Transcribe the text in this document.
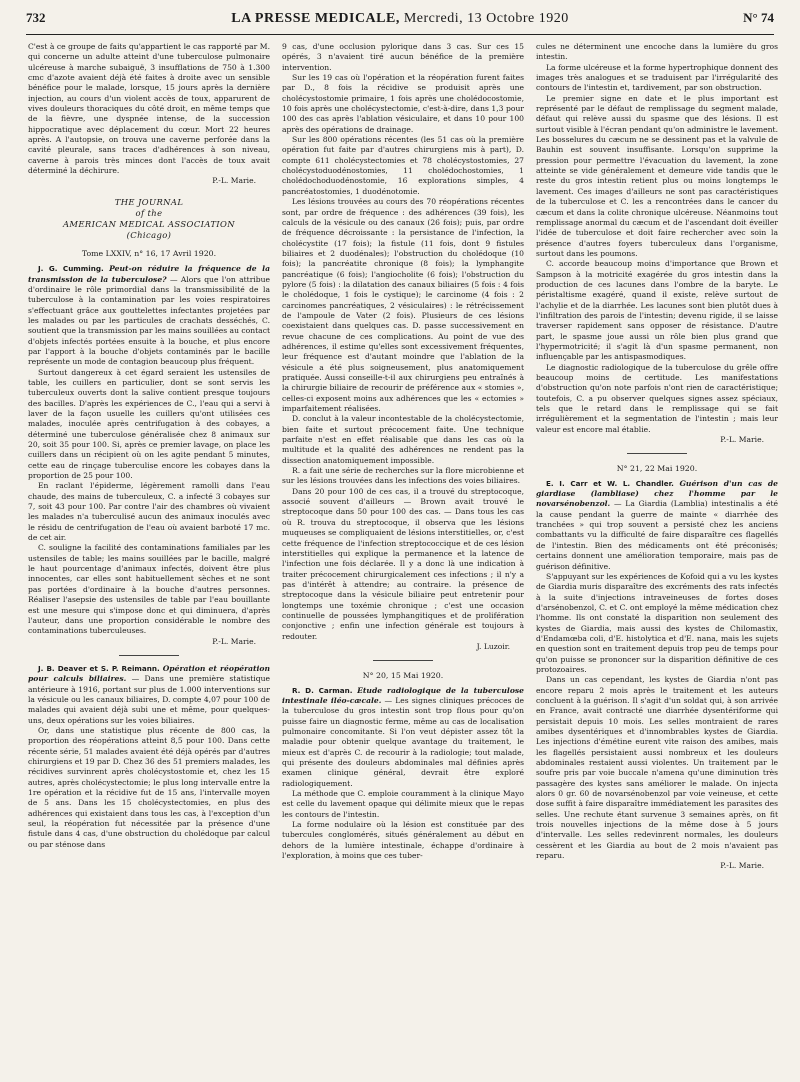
732	LA PRESSE MEDICALE, Mercredi, 13 Octobre 1920	N° 74

C'est à ce groupe de faits qu'appartient le cas rapporté par M. qui concerne un adulte atteint d'une tuberculose pulmonaire ulcéreuse à marche subaiguë, 3 insufflations de 750 à 1.300 cmc d'azote avaient déjà été faites à droite avec un sensible bénéfice pour le malade, lorsque, 15 jours après la dernière injection, au cours d'un violent accès de toux, apparurent de vives douleurs thoraciques du côté droit, en même temps que de la fièvre, une dyspnée intense, de la succession hippocratique avec déplacement du cœur. Mort 22 heures après. A l'autopsie, on trouva une caverne perforée dans la cavité pleurale, sans traces d'adhérences à son niveau, caverne à parois très minces dont l'accès de toux avait déterminé la déchirure.

P.-L. Marie.

THE JOURNAL
of the
AMERICAN MEDICAL ASSOCIATION
(Chicago)
Tome LXXIV, n° 16, 17 Avril 1920.

J. G. Cumming. Peut-on réduire la fréquence de la transmission de la tuberculose? — Alors que l'on attribue d'ordinaire le rôle primordial dans la transmissibilité de la tuberculose à la contamination par les voies respiratoires s'effectuant grâce aux gouttelettes infectantes projetées par les malades ou par les particules de crachats desséchés, C. soutient que la transmission par les mains souillées au contact d'objets infectés portées ensuite à la bouche, et plus encore par l'apport à la bouche d'objets contaminés par le bacille représente un mode de contagion beaucoup plus fréquent.

Surtout dangereux à cet égard seraient les ustensiles de table, les cuillers en particulier, dont se sont servis les tuberculeux ouverts dont la salive contient presque toujours des bacilles. D'après les expériences de C., l'eau qui a servi à laver de la façon usuelle les cuillers qu'ont utilisées ces malades, inoculée après centrifugation à des cobayes, a déterminé une tuberculose généralisée chez 8 animaux sur 20, soit 35 pour 100. Si, après ce premier lavage, on place les cuillers dans un récipient où on les agite pendant 5 minutes, cette eau de rinçage tuberculise encore les cobayes dans la proportion de 25 pour 100.

En raclant l'épiderme, légèrement ramolli dans l'eau chaude, des mains de tuberculeux, C. a infecté 3 cobayes sur 7, soit 43 pour 100. Par contre l'air des chambres où vivaient les malades n'a tuberculisé aucun des animaux inoculés avec le résidu de centrifugation de l'eau où avaient barboté 17 mc. de cet air.

C. souligne la facilité des contaminations familiales par les ustensiles de table; les mains souillées par le bacille, malgré le haut pourcentage d'animaux infectés, doivent être plus innocentes, car elles sont habituellement sèches et ne sont pas portées d'ordinaire à la bouche d'autres personnes. Réaliser l'asepsie des ustensiles de table par l'eau bouillante est une mesure qui s'impose donc et qui diminuera, d'après l'auteur, dans une proportion considérable le nombre des contaminations tuberculeuses.

P.-L. Marie.

J. B. Deaver et S. P. Reimann. Opération et réopération pour calculs biliaires. — Dans une première statistique antérieure à 1916, portant sur plus de 1.000 interventions sur la vésicule ou les canaux biliaires, D. compte 4,07 pour 100 de malades qui avaient déjà subi une et même, pour quelques-uns, deux opérations sur les voies biliaires.

Or, dans une statistique plus récente de 800 cas, la proportion des réopérations atteint 8,5 pour 100. Dans cette récente série, 51 malades avaient été déjà opérés par d'autres chirurgiens et 19 par D. Chez 36 des 51 premiers malades, les récidives survinrent après cholécystostomie et, chez les 15 autres, après cholécystectomie; le plus long intervalle entre la 1re opération et la récidive fut de 15 ans, l'intervalle moyen de 5 ans. Dans les 15 cholécystectomies, en plus des adhérences qui existaient dans tous les cas, à l'exception d'un seul, la réopération fut nécessitée par la présence d'une fistule dans 4 cas, d'une obstruction du cholédoque par calcul ou par sténose dans

9 cas, d'une occlusion pylorique dans 3 cas. Sur ces 15 opérés, 3 n'avaient tiré aucun bénéfice de la première intervention.

Sur les 19 cas où l'opération et la réopération furent faites par D., 8 fois la récidive se produisit après une cholécystostomie primaire, 1 fois après une cholédocostomie, 10 fois après une cholécystectomie, c'est-à-dire, dans 1,3 pour 100 des cas après l'ablation vésiculaire, et dans 10 pour 100 après des opérations de drainage.

Sur les 800 opérations récentes (les 51 cas où la première opération fut faite par d'autres chirurgiens mis à part), D. compte 611 cholécystectomies et 78 cholécystostomies, 27 cholécystoduodénostomies, 11 cholédochostomies, 1 cholédochoduodénostomie, 16 explorations simples, 4 pancréatostomies, 1 duodénotomie.

Les lésions trouvées au cours des 70 réopérations récentes sont, par ordre de fréquence : des adhérences (39 fois), les calculs de la vésicule ou des canaux (26 fois); puis, par ordre de fréquence décroissante : la persistance de l'infection, la cholécystite (17 fois); la fistule (11 fois, dont 9 fistules biliaires et 2 duodénales); l'obstruction du cholédoque (10 fois); la pancréatite chronique (8 fois); la lymphangite pancréatique (6 fois); l'angiocholite (6 fois); l'obstruction du pylore (5 fois) : la dilatation des canaux biliaires (5 fois : 4 fois le cholédoque, 1 fois le cystique); le carcinome (4 fois : 2 carcinomes pancréatiques, 2 vésiculaires) : le rétrécissement de l'ampoule de Vater (2 fois). Plusieurs de ces lésions coexistaient dans quelques cas. D. passe successivement en revue chacune de ces complications. Au point de vue des adhérences, il estime qu'elles sont excessivement fréquentes, leur fréquence est d'autant moindre que l'ablation de la vésicule a été plus soigneusement, plus anatomiquement pratiquée. Aussi conseille-t-il aux chirurgiens peu entraînés à la chirurgie biliaire de recourir de préférence aux « stomies », celles-ci exposent moins aux adhérences que les « ectomies » imparfaitement réalisées.

D. conclut à la valeur incontestable de la cholécystectomie, bien faite et surtout précocement faite. Une technique parfaite n'est en effet réalisable que dans les cas où la multitude et la qualité des adhérences ne rendent pas la dissection anatomiquement impossible.

R. a fait une série de recherches sur la flore microbienne et sur les lésions trouvées dans les infections des voies biliaires.

Dans 20 pour 100 de ces cas, il a trouvé du streptocoque, associé souvent d'ailleurs — Brown avait trouvé le streptocoque dans 50 pour 100 des cas. — Dans tous les cas où R. trouva du streptocoque, il observa que les lésions muqueuses se compliquaient de lésions interstitielles, or, c'est cette fréquence de l'infection streptococcique et de ces lésion interstitielles qui explique la permanence et la latence de l'infection une fois déclarée. Il y a donc là une indication à traiter précocement chirurgicalement ces infections ; il n'y a pas d'intérêt à attendre; au contraire. la présence de streptocoque dans la vésicule biliaire peut entretenir pour longtemps une toxémie chronique ; c'est une occasion continuelle de poussées lymphangitiques et de prolifération conjonctive ; enfin une infection générale est toujours à redouter.

J. Luzoir.

N° 20, 15 Mai 1920.

R. D. Carman. Etude radiologique de la tuberculose intestinale iléo-cæcale. — Les signes cliniques précoces de la tuberculose du gros intestin sont trop flous pour qu'on puisse faire un diagnostic ferme, même au cas de localisation pulmonaire concomitante. Si l'on veut dépister assez tôt la maladie pour obtenir quelque avantage du traitement, le mieux est d'après C. de recourir à la radiologie; tout malade, qui présente des douleurs abdominales mal définies après examen clinique général, devrait être exploré radiologiquement.

La méthode que C. emploie couramment à la clinique Mayo est celle du lavement opaque qui délimite mieux que le repas les contours de l'intestin.

La forme nodulaire où la lésion est constituée par des tubercules conglomérés, situés généralement au début en dehors de la lumière intestinale, échappe d'ordinaire à l'exploration, à moins que ces tuber-

cules ne déterminent une encoche dans la lumière du gros intestin.

La forme ulcéreuse et la forme hypertrophique donnent des images très analogues et se traduisent par l'irrégularité des contours de l'intestin et, tardivement, par son obstruction.

Le premier signe en date et le plus important est représenté par le défaut de remplissage du segment malade, défaut qui relève aussi du spasme que des lésions. Il est surtout visible à l'écran pendant qu'on administre le lavement. Les bosselures du cæcum ne se dessinent pas et la valvule de Bauhin est souvent insuffisante. Lorsqu'on supprime la pression pour permettre l'évacuation du lavement, la zone atteinte se vide généralement et demeure vide tandis que le reste du gros intestin retient plus ou moins longtemps le lavement. Ces images d'ailleurs ne sont pas caractéristiques de la tuberculose et C. les a rencontrées dans le cancer du cæcum et dans la colite chronique ulcéreuse. Néanmoins tout remplissage anormal du cæcum et de l'ascendant doit éveiller l'idée de tuberculose et doit faire rechercher avec soin la présence d'autres foyers tuberculeux dans l'organisme, surtout dans les poumons.

C. accorde beaucoup moins d'importance que Brown et Sampson à la motricité exagérée du gros intestin dans la production de ces lacunes dans l'ombre de la baryte. Le péristaltisme exagéré, quand il existe, relève surtout de l'achylie et de la diarrhée. Les lacunes sont bien plutôt dues à l'infiltration des parois de l'intestin; devenu rigide, il se laisse traverser rapidement sans opposer de résistance. D'autre part, le spasme joue aussi un rôle bien plus grand que l'hypermotricité; il s'agit là d'un spasme permanent, non influençable par les antispasmodiques.

Le diagnostic radiologique de la tuberculose du grêle offre beaucoup moins de certitude. Les manifestations d'obstruction qu'on note parfois n'ont rien de caractéristique; toutefois, C. a pu observer quelques signes assez spéciaux, tels que le retard dans le remplissage qui se fait irrégulièrement et la segmentation de l'intestin ; mais leur valeur est encore mal établie.

P.-L. Marie.

N° 21, 22 Mai 1920.

E. I. Carr et W. L. Chandler. Guérison d'un cas de giardiase (lambliase) chez l'homme par le novarsénobenzol. — La Giardia (Lamblia) intestinalis a été la cause pendant la guerre de mainte « diarrhée des tranchées » qui trop souvent a persisté chez les anciens combattants vu la difficulté de faire disparaître ces flagellés de l'intestin. Bien des médicaments ont été préconisés; certains donnent une amélioration temporaire, mais pas de guérison définitive.

S'appuyant sur les expériences de Kofoid qui a vu les kystes de Giardia muris disparaître des excréments des rats infectés à la suite d'injections intraveineuses de fortes doses d'arsénobenzol, C. et C. ont employé la même médication chez l'homme. Ils ont constaté la disparition non seulement des kystes de Giardia, mais aussi des kystes de Chilomastix, d'Endamœba coli, d'E. histolytica et d'E. nana, mais les sujets en question sont en traitement depuis trop peu de temps pour qu'on puisse se prononcer sur la disparition définitive de ces protozoaires.

Dans un cas cependant, les kystes de Giardia n'ont pas encore reparu 2 mois après le traitement et les auteurs concluent à la guérison. Il s'agit d'un soldat qui, à son arrivée en France, avait contracté une diarrhée dysentériforme qui persistait depuis 10 mois. Les selles montraient de rares amibes dysentériques et d'innombrables kystes de Giardia. Les injections d'émétine eurent vite raison des amibes, mais les flagellés persistaient aussi nombreux et les douleurs abdominales restaient aussi violentes. Un traitement par le soufre pris par voie buccale n'amena qu'une diminution très passagère des kystes sans améliorer le malade. On injecta alors 0 gr. 60 de novarsénobenzol par voie veineuse, et cette dose suffit à faire disparaître immédiatement les parasites des selles. Une rechute étant survenue 3 semaines après, on fit trois nouvelles injections de la même dose à 5 jours d'intervalle. Les selles redevinrent normales, les douleurs cessèrent et les Giardia au bout de 2 mois n'avaient pas reparu.

P.-L. Marie.
